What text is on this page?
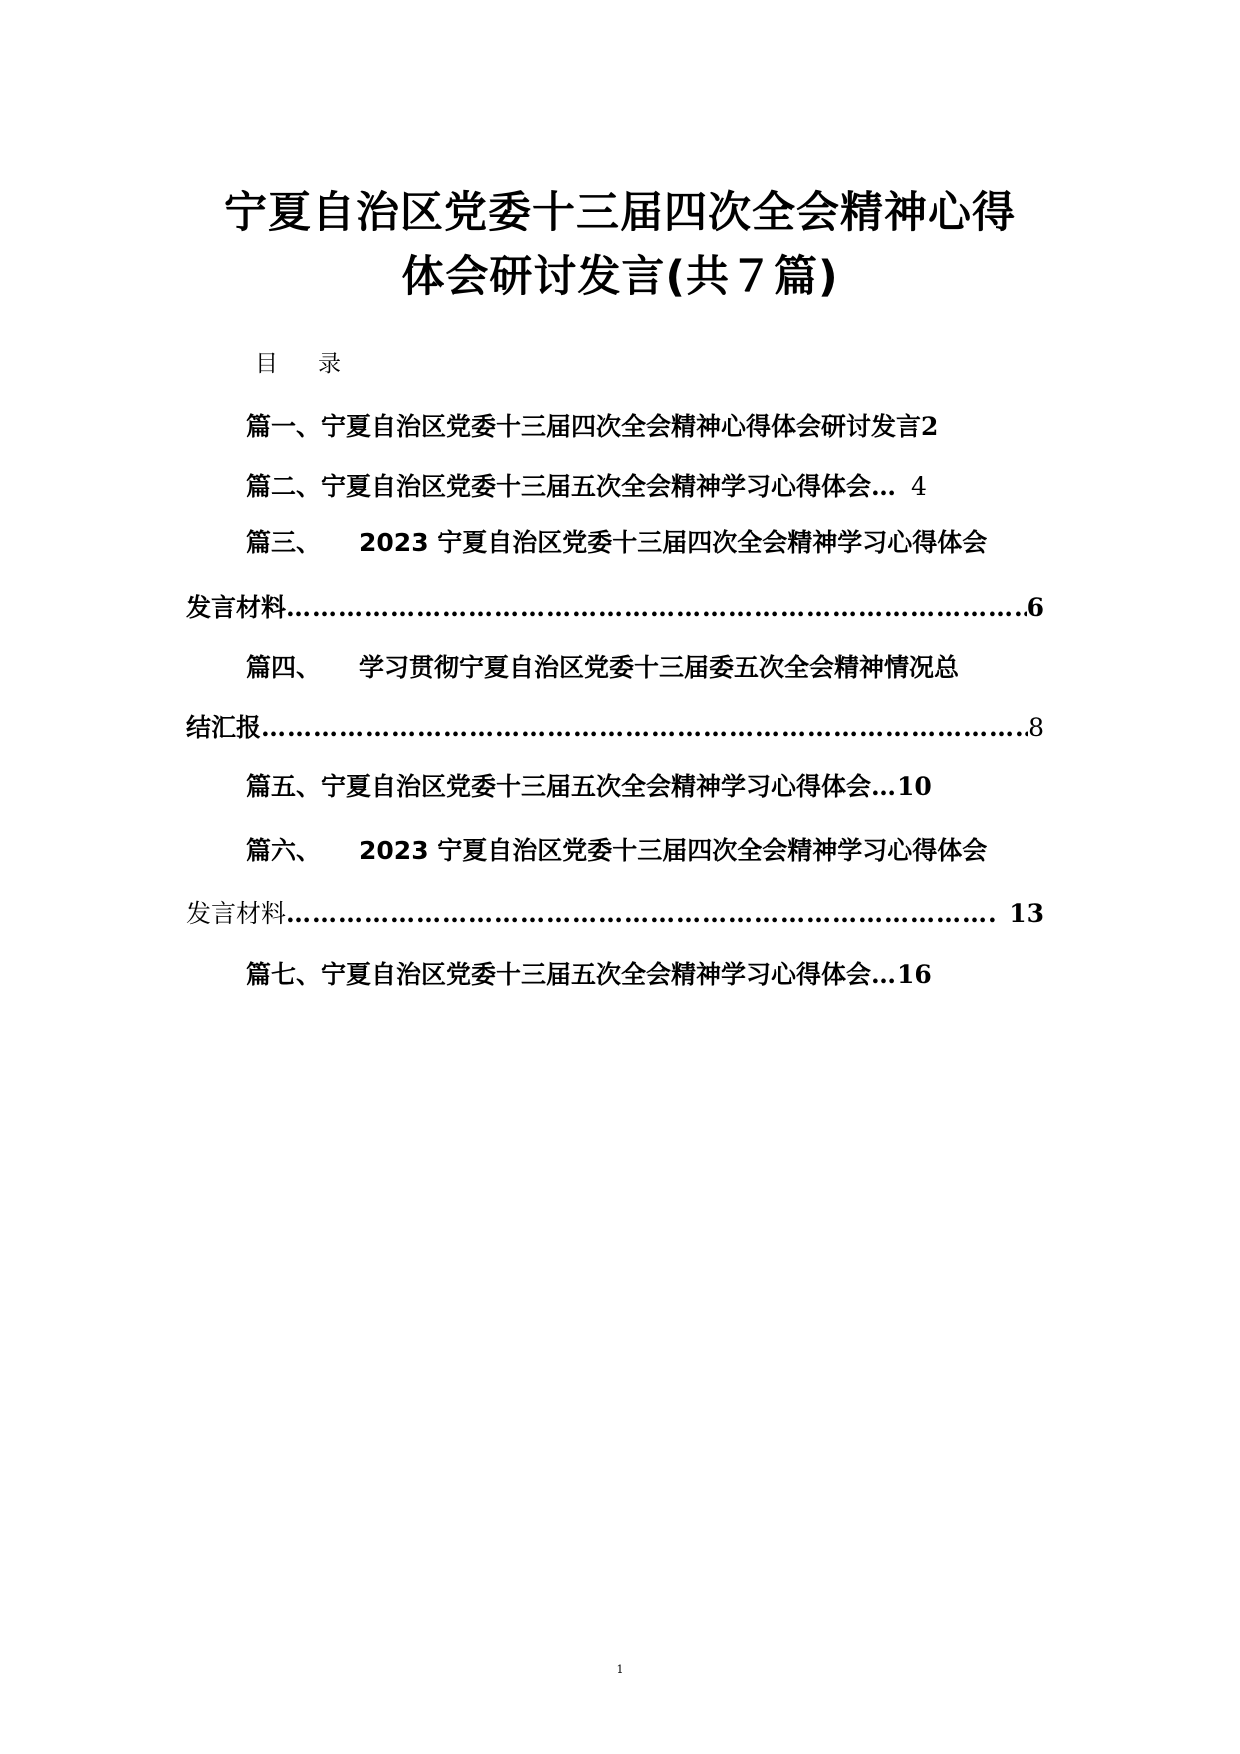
宁夏自治区党委十三届四次全会精神心得
体会研讨发言(共７篇)
目录
篇一、 宁夏自治区党委十三届四次全会精神心得体会研讨发言 2
篇二、 宁夏自治区党委十三届五次全会精神学习心得体会 … 4
篇三、 2023 宁夏自治区党委十三届四次全会精神学习心得体会
发言材料 …………………………………………………………………………………………………………………………………………………………………………………………	6
篇四、 学习贯彻宁夏自治区党委十三届委五次全会精神情况总
结汇报 …………………………………………………………………………………………………………………………………………………………………………………………	8
篇五、 宁夏自治区党委十三届五次全会精神学习心得体会 … 10
篇六、 2023 宁夏自治区党委十三届四次全会精神学习心得体会
发言材料 …………………………………………………………………………………………………………………………………………………………………………………………	13
篇七、 宁夏自治区党委十三届五次全会精神学习心得体会 … 16
1
